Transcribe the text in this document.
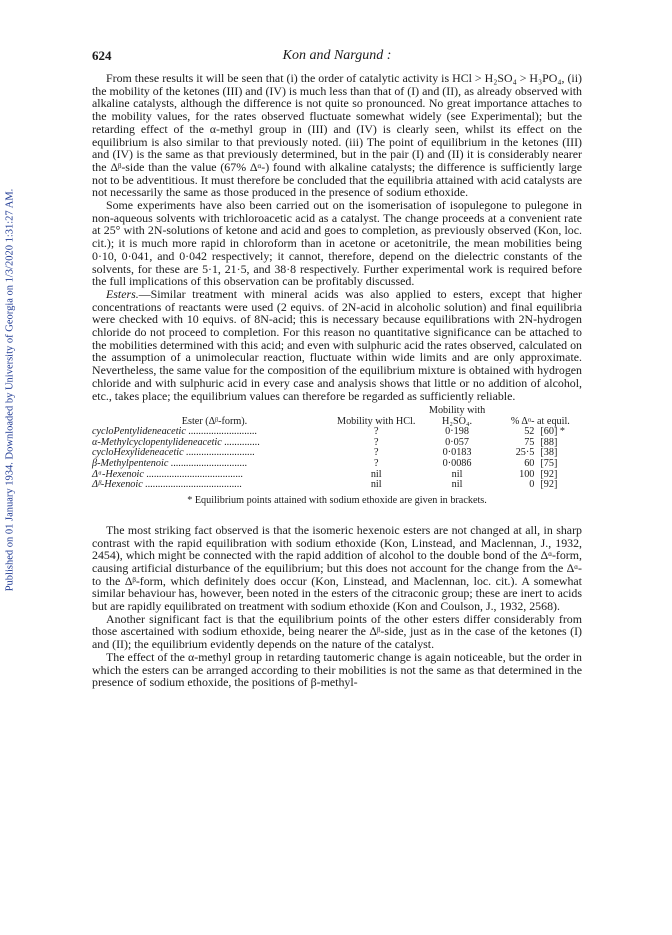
Published on 01 January 1934. Downloaded by University of Georgia on 1/3/2020 1:31:27 AM.
624	Kon and Nargund :

From these results it will be seen that (i) the order of catalytic activity is HCl > H₂SO₄ > H₃PO₄, (ii) the mobility of the ketones (III) and (IV) is much less than that of (I) and (II), as already observed with alkaline catalysts, although the difference is not quite so pronounced. No great importance attaches to the mobility values, for the rates observed fluctuate somewhat widely (see Experimental); but the retarding effect of the α-methyl group in (III) and (IV) is clearly seen, whilst its effect on the equilibrium is also similar to that previously noted. (iii) The point of equilibrium in the ketones (III) and (IV) is the same as that previously determined, but in the pair (I) and (II) it is considerably nearer the Δᵝ-side than the value (67% Δᵅ-) found with alkaline catalysts; the difference is sufficiently large not to be adventitious. It must therefore be concluded that the equilibria attained with acid catalysts are not necessarily the same as those produced in the presence of sodium ethoxide.

Some experiments have also been carried out on the isomerisation of isopulegone to pulegone in non-aqueous solvents with trichloroacetic acid as a catalyst. The change proceeds at a convenient rate at 25° with 2N-solutions of ketone and acid and goes to completion, as previously observed (Kon, loc. cit.); it is much more rapid in chloroform than in acetone or acetonitrile, the mean mobilities being 0·10, 0·041, and 0·042 respectively; it cannot, therefore, depend on the dielectric constants of the solvents, for these are 5·1, 21·5, and 38·8 respectively. Further experimental work is required before the full implications of this observation can be profitably discussed.

Esters.—Similar treatment with mineral acids was also applied to esters, except that higher concentrations of reactants were used (2 equivs. of 2N-acid in alcoholic solution) and final equilibria were checked with 10 equivs. of 8N-acid; this is necessary because equilibrations with 2N-hydrogen chloride do not proceed to completion. For this reason no quantitative significance can be attached to the mobilities determined with this acid; and even with sulphuric acid the rates observed, calculated on the assumption of a unimolecular reaction, fluctuate within wide limits and are only approximate. Nevertheless, the same value for the composition of the equilibrium mixture is obtained with hydrogen chloride and with sulphuric acid in every case and analysis shows that little or no addition of alcohol, etc., takes place; the equilibrium values can therefore be regarded as sufficiently reliable.

Ester (Δᵝ-form).	Mobility with HCl.	Mobility with H₂SO₄.	% Δᵅ- at equil.	
cycloPentylideneacetic ...........................	?	0·198	52	[60] *
α-Methylcyclopentylideneacetic ..............	?	0·057	75	[88]
cycloHexylideneacetic ...........................	?	0·0183	25·5	[38]
β-Methylpentenoic ..............................	?	0·0086	60	[75]
Δᵅ-Hexenoic ......................................	nil	nil	100	[92]
Δᵝ-Hexenoic ......................................	nil	nil	0	[92]
* Equilibrium points attained with sodium ethoxide are given in brackets.

The most striking fact observed is that the isomeric hexenoic esters are not changed at all, in sharp contrast with the rapid equilibration with sodium ethoxide (Kon, Linstead, and Maclennan, J., 1932, 2454), which might be connected with the rapid addition of alcohol to the double bond of the Δᵅ-form, causing artificial disturbance of the equilibrium; but this does not account for the change from the Δᵅ- to the Δᵝ-form, which definitely does occur (Kon, Linstead, and Maclennan, loc. cit.). A somewhat similar behaviour has, however, been noted in the esters of the citraconic group; these are inert to acids but are rapidly equilibrated on treatment with sodium ethoxide (Kon and Coulson, J., 1932, 2568).

Another significant fact is that the equilibrium points of the other esters differ considerably from those ascertained with sodium ethoxide, being nearer the Δᵝ-side, just as in the case of the ketones (I) and (II); the equilibrium evidently depends on the nature of the catalyst.

The effect of the α-methyl group in retarding tautomeric change is again noticeable, but the order in which the esters can be arranged according to their mobilities is not the same as that determined in the presence of sodium ethoxide, the positions of β-methyl-
